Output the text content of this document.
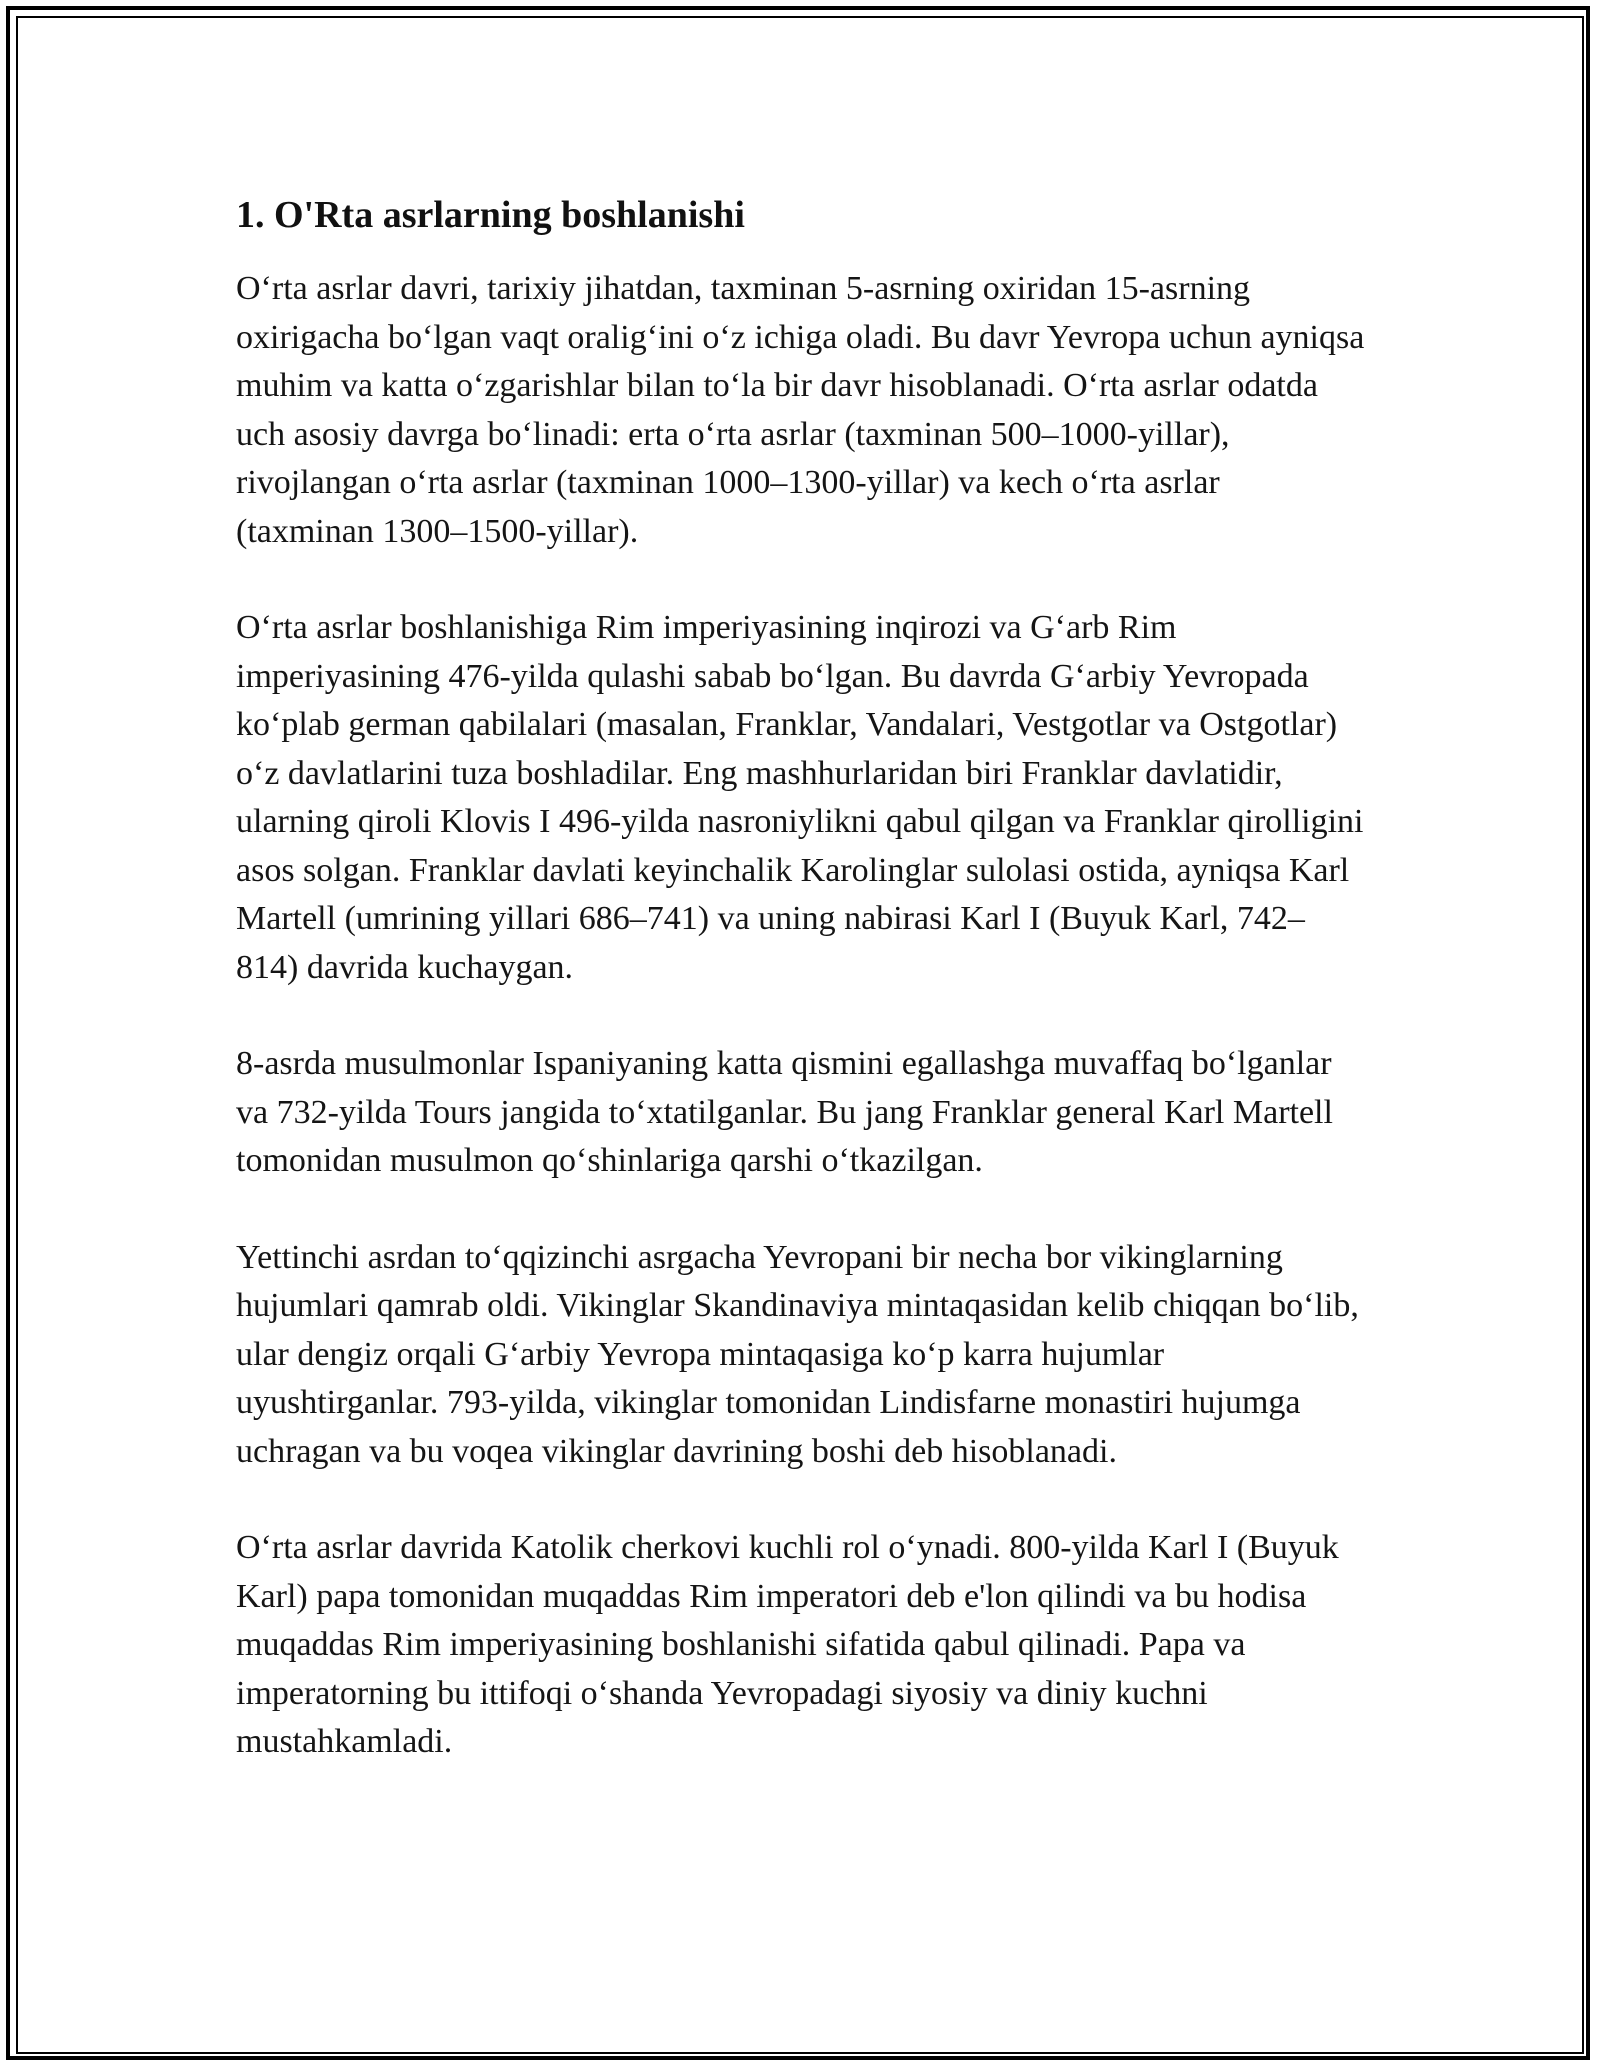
1. O'Rta asrlarning boshlanishi

O‘rta asrlar davri, tarixiy jihatdan, taxminan 5-asrning oxiridan 15-asrning oxirigacha bo‘lgan vaqt oralig‘ini o‘z ichiga oladi. Bu davr Yevropa uchun ayniqsa muhim va katta o‘zgarishlar bilan to‘la bir davr hisoblanadi. O‘rta asrlar odatda uch asosiy davrga bo‘linadi: erta o‘rta asrlar (taxminan 500–1000-yillar), rivojlangan o‘rta asrlar (taxminan 1000–1300-yillar) va kech o‘rta asrlar (taxminan 1300–1500-yillar).

O‘rta asrlar boshlanishiga Rim imperiyasining inqirozi va G‘arb Rim imperiyasining 476-yilda qulashi sabab bo‘lgan. Bu davrda G‘arbiy Yevropada ko‘plab german qabilalari (masalan, Franklar, Vandalari, Vestgotlar va Ostgotlar) o‘z davlatlarini tuza boshladilar. Eng mashhurlaridan biri Franklar davlatidir, ularning qiroli Klovis I 496-yilda nasroniylikni qabul qilgan va Franklar qirolligini asos solgan. Franklar davlati keyinchalik Karolinglar sulolasi ostida, ayniqsa Karl Martell (umrining yillari 686–741) va uning nabirasi Karl I (Buyuk Karl, 742–814) davrida kuchaygan.

8-asrda musulmonlar Ispaniyaning katta qismini egallashga muvaffaq bo‘lganlar va 732-yilda Tours jangida to‘xtatilganlar. Bu jang Franklar general Karl Martell tomonidan musulmon qo‘shinlariga qarshi o‘tkazilgan.

Yettinchi asrdan to‘qqizinchi asrgacha Yevropani bir necha bor vikinglarning hujumlari qamrab oldi. Vikinglar Skandinaviya mintaqasidan kelib chiqqan bo‘lib, ular dengiz orqali G‘arbiy Yevropa mintaqasiga ko‘p karra hujumlar uyushtirganlar. 793-yilda, vikinglar tomonidan Lindisfarne monastiri hujumga uchragan va bu voqea vikinglar davrining boshi deb hisoblanadi.

O‘rta asrlar davrida Katolik cherkovi kuchli rol o‘ynadi. 800-yilda Karl I (Buyuk Karl) papa tomonidan muqaddas Rim imperatori deb e'lon qilindi va bu hodisa muqaddas Rim imperiyasining boshlanishi sifatida qabul qilinadi. Papa va imperatorning bu ittifoqi o‘shanda Yevropadagi siyosiy va diniy kuchni mustahkamladi.
